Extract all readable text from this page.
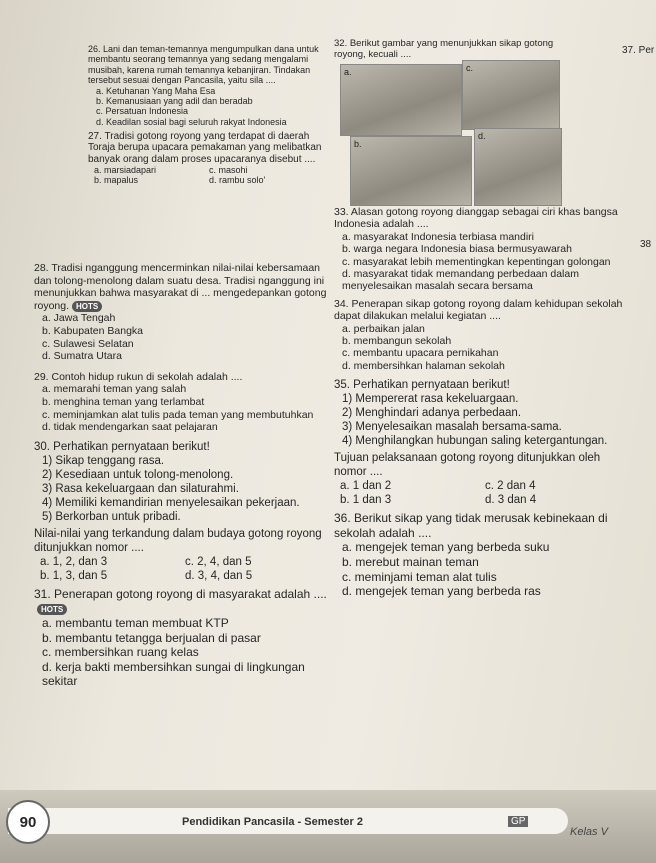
26. Lani dan teman-temannya mengumpulkan dana untuk membantu seorang temannya yang sedang mengalami musibah, karena rumah temannya kebanjiran. Tindakan tersebut sesuai dengan Pancasila, yaitu sila ....
a. Ketuhanan Yang Maha Esa
b. Kemanusiaan yang adil dan beradab
c. Persatuan Indonesia
d. Keadilan sosial bagi seluruh rakyat Indonesia
27. Tradisi gotong royong yang terdapat di daerah Toraja berupa upacara pemakaman yang melibatkan banyak orang dalam proses upacaranya disebut ....
a. marsiadapari	c. masohi
b. mapalus	d. rambu solo'
28. Tradisi nganggung mencerminkan nilai-nilai kebersamaan dan tolong-menolong dalam suatu desa. Tradisi nganggung ini menunjukkan bahwa masyarakat di ... mengedepankan gotong royong. HOTS
a. Jawa Tengah
b. Kabupaten Bangka
c. Sulawesi Selatan
d. Sumatra Utara
29. Contoh hidup rukun di sekolah adalah ....
a. memarahi teman yang salah
b. menghina teman yang terlambat
c. meminjamkan alat tulis pada teman yang membutuhkan
d. tidak mendengarkan saat pelajaran
30. Perhatikan pernyataan berikut!
1) Sikap tenggang rasa.
2) Kesediaan untuk tolong-menolong.
3) Rasa kekeluargaan dan silaturahmi.
4) Memiliki kemandirian menyelesaikan pekerjaan.
5) Berkorban untuk pribadi.
Nilai-nilai yang terkandung dalam budaya gotong royong ditunjukkan nomor ....
a. 1, 2, dan 3	c. 2, 4, dan 5
b. 1, 3, dan 5	d. 3, 4, dan 5
31. Penerapan gotong royong di masyarakat adalah ....HOTS
a. membantu teman membuat KTP
b. membantu tetangga berjualan di pasar
c. membersihkan ruang kelas
d. kerja bakti membersihkan sungai di lingkungan sekitar
32. Berikut gambar yang menunjukkan sikap gotong royong, kecuali ....
a.
b.
c.
d.
33. Alasan gotong royong dianggap sebagai ciri khas bangsa Indonesia adalah ....
a. masyarakat Indonesia terbiasa mandiri
b. warga negara Indonesia biasa bermusyawarah
c. masyarakat lebih mementingkan kepentingan golongan
d. masyarakat tidak memandang perbedaan dalam menyelesaikan masalah secara bersama
34. Penerapan sikap gotong royong dalam kehidupan sekolah dapat dilakukan melalui kegiatan ....
a. perbaikan jalan
b. membangun sekolah
c. membantu upacara pernikahan
d. membersihkan halaman sekolah
35. Perhatikan pernyataan berikut!
1) Mempererat rasa kekeluargaan.
2) Menghindari adanya perbedaan.
3) Menyelesaikan masalah bersama-sama.
4) Menghilangkan hubungan saling ketergantungan.
Tujuan pelaksanaan gotong royong ditunjukkan oleh nomor ....
a. 1 dan 2	c. 2 dan 4
b. 1 dan 3	d. 3 dan 4
36. Berikut sikap yang tidak merusak kebinekaan di sekolah adalah ....
a. mengejek teman yang berbeda suku
b. merebut mainan teman
c. meminjami teman alat tulis
d. mengejek teman yang berbeda ras
37. Per
38
90	Pendidikan Pancasila - Semester 2	GP
Kelas V
